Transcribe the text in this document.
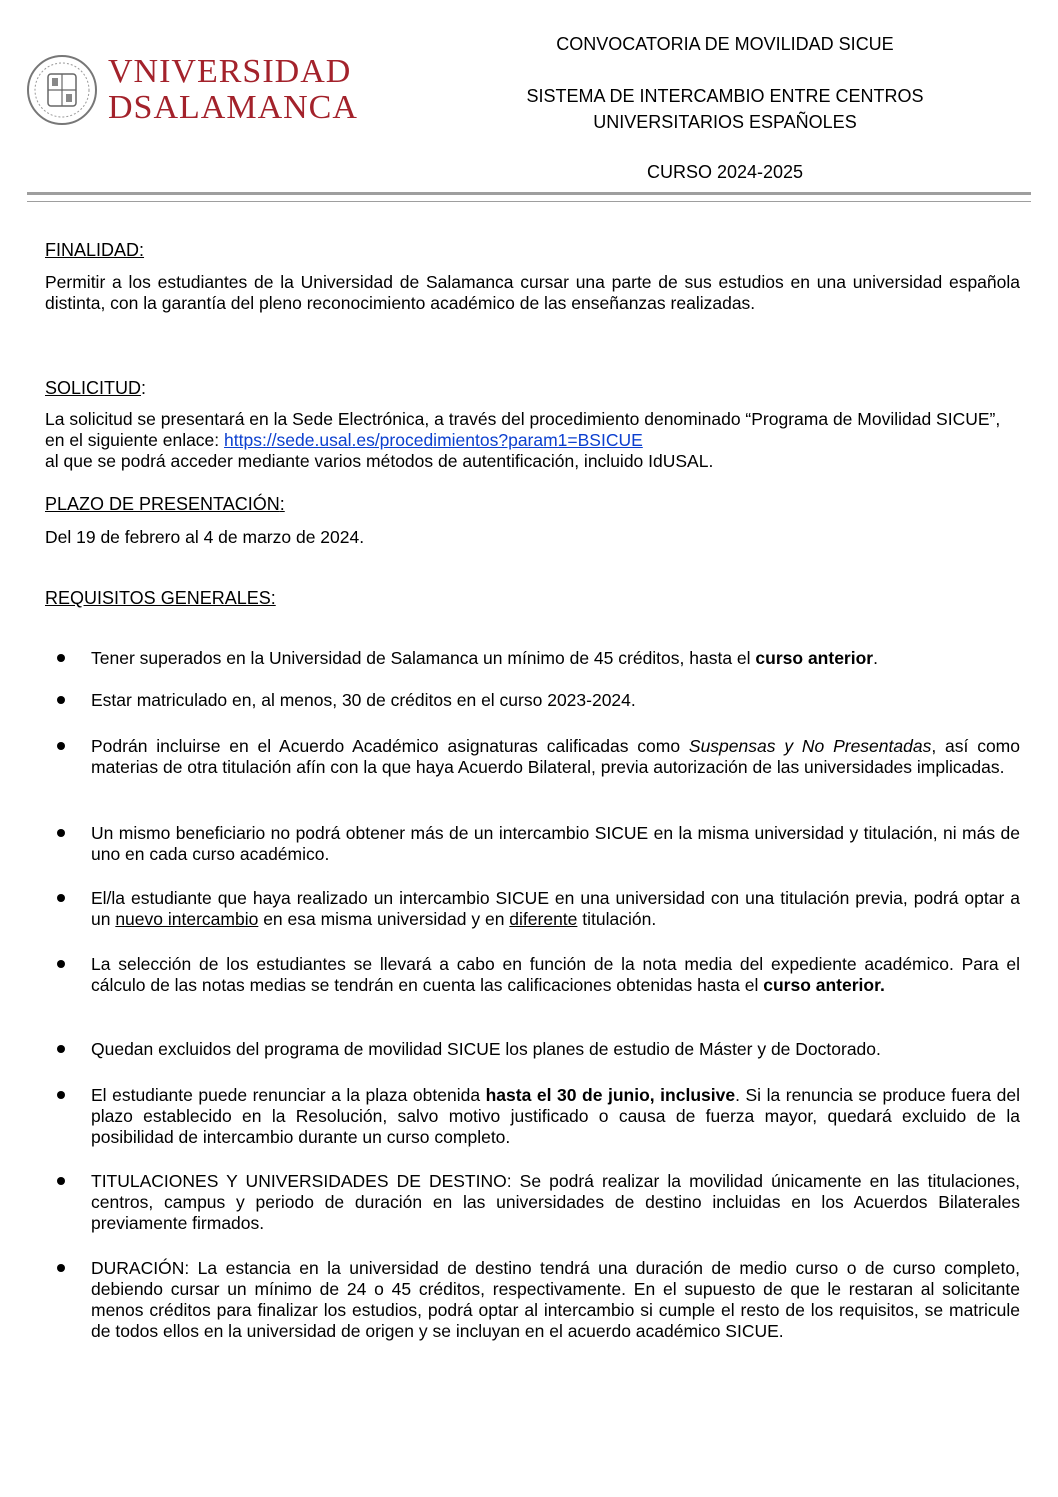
VNIVERSIDAD
DSALAMANCA
CONVOCATORIA DE MOVILIDAD SICUE
SISTEMA DE INTERCAMBIO ENTRE CENTROS
UNIVERSITARIOS ESPAÑOLES
CURSO 2024-2025
FINALIDAD:
Permitir a los estudiantes de la Universidad de Salamanca cursar una parte de sus estudios en una universidad española distinta, con la garantía del pleno reconocimiento académico de las enseñanzas realizadas.
SOLICITUD:
La solicitud se presentará en la Sede Electrónica, a través del procedimiento denominado “Programa de Movilidad SICUE”, en el siguiente enlace: https://sede.usal.es/procedimientos?param1=BSICUE
al que se podrá acceder mediante varios métodos de autentificación, incluido IdUSAL.
PLAZO DE PRESENTACIÓN:
Del 19 de febrero al 4 de marzo de 2024.
REQUISITOS GENERALES:
Tener superados en la Universidad de Salamanca un mínimo de 45 créditos, hasta el curso anterior.
Estar matriculado en, al menos, 30 de créditos en el curso 2023-2024.
Podrán incluirse en el Acuerdo Académico asignaturas calificadas como Suspensas y No Presentadas, así como materias de otra titulación afín con la que haya Acuerdo Bilateral, previa autorización de las universidades implicadas.
Un mismo beneficiario no podrá obtener más de un intercambio SICUE en la misma universidad y titulación, ni más de uno en cada curso académico.
El/la estudiante que haya realizado un intercambio SICUE en una universidad con una titulación previa, podrá optar a un nuevo intercambio en esa misma universidad y en diferente titulación.
La selección de los estudiantes se llevará a cabo en función de la nota media del expediente académico. Para el cálculo de las notas medias se tendrán en cuenta las calificaciones obtenidas hasta el curso anterior.
Quedan excluidos del programa de movilidad SICUE los planes de estudio de Máster y de Doctorado.
El estudiante puede renunciar a la plaza obtenida hasta el 30 de junio, inclusive. Si la renuncia se produce fuera del plazo establecido en la Resolución, salvo motivo justificado o causa de fuerza mayor, quedará excluido de la posibilidad de intercambio durante un curso completo.
TITULACIONES Y UNIVERSIDADES DE DESTINO: Se podrá realizar la movilidad únicamente en las titulaciones, centros, campus y periodo de duración en las universidades de destino incluidas en los Acuerdos Bilaterales previamente firmados.
DURACIÓN: La estancia en la universidad de destino tendrá una duración de medio curso o de curso completo, debiendo cursar un mínimo de 24 o 45 créditos, respectivamente. En el supuesto de que le restaran al solicitante menos créditos para finalizar los estudios, podrá optar al intercambio si cumple el resto de los requisitos, se matricule de todos ellos en la universidad de origen y se incluyan en el acuerdo académico SICUE.
